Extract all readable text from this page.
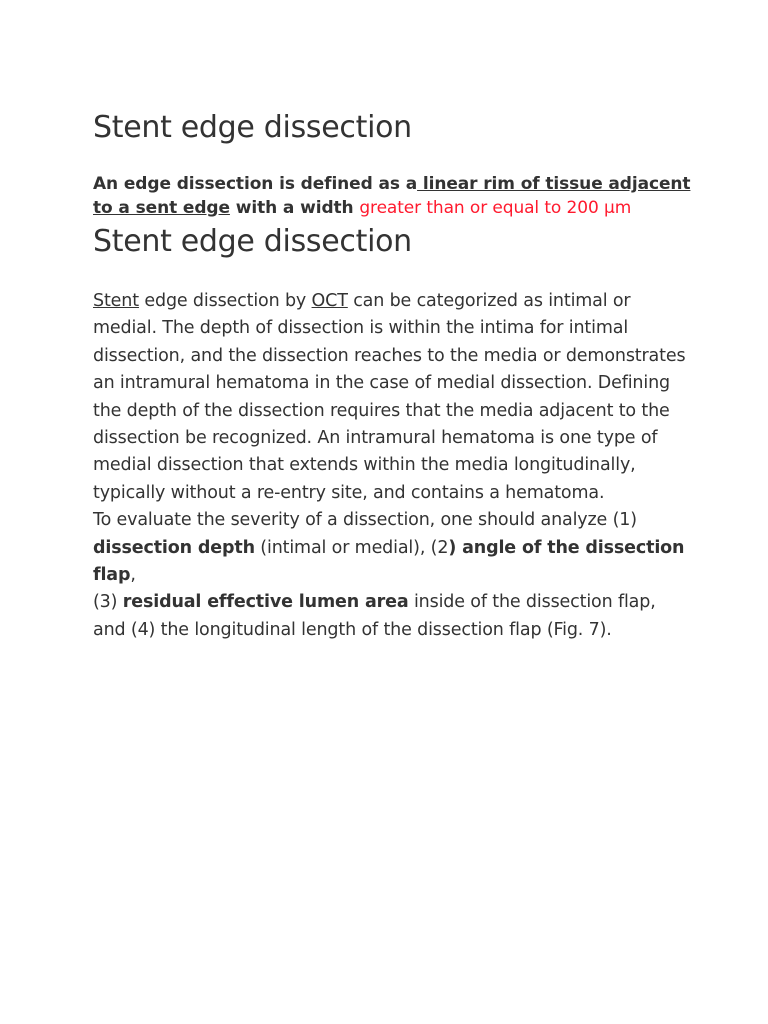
Stent edge dissection

An edge dissection is defined as a linear rim of tissue adjacent to a sent edge with a width greater than or equal to 200 μm

Stent edge dissection

Stent edge dissection by OCT can be categorized as intimal or medial. The depth of dissection is within the intima for intimal dissection, and the dissection reaches to the media or demonstrates an intramural hematoma in the case of medial dissection. Defining the depth of the dissection requires that the media adjacent to the dissection be recognized. An intramural hematoma is one type of medial dissection that extends within the media longitudinally, typically without a re-entry site, and contains a hematoma.

To evaluate the severity of a dissection, one should analyze (1) dissection depth (intimal or medial), (2) angle of the dissection flap,
(3) residual effective lumen area inside of the dissection flap, and (4) the longitudinal length of the dissection flap (Fig. 7).
